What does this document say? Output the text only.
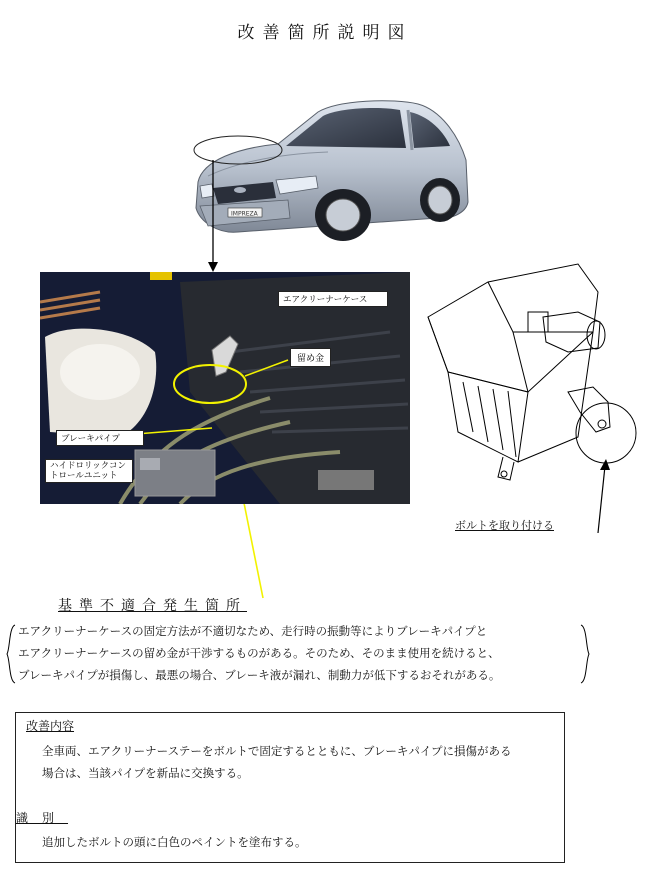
改善箇所説明図
IMPREZA
エアクリーナーケース
留め金
ブレーキパイプ
ハイドロリックコントロールユニット
ボルトを取り付ける
基準不適合発生箇所

エアクリーナーケースの固定方法が不適切なため、走行時の振動等によりブレーキパイプと

エアクリーナーケースの留め金が干渉するものがある。そのため、そのまま使用を続けると、

ブレーキパイプが損傷し、最悪の場合、ブレーキ液が漏れ、制動力が低下するおそれがある。

改善内容
全車両、エアクリーナーステーをボルトで固定するとともに、ブレーキパイプに損傷がある
場合は、当該パイプを新品に交換する。
識別
追加したボルトの頭に白色のペイントを塗布する。
